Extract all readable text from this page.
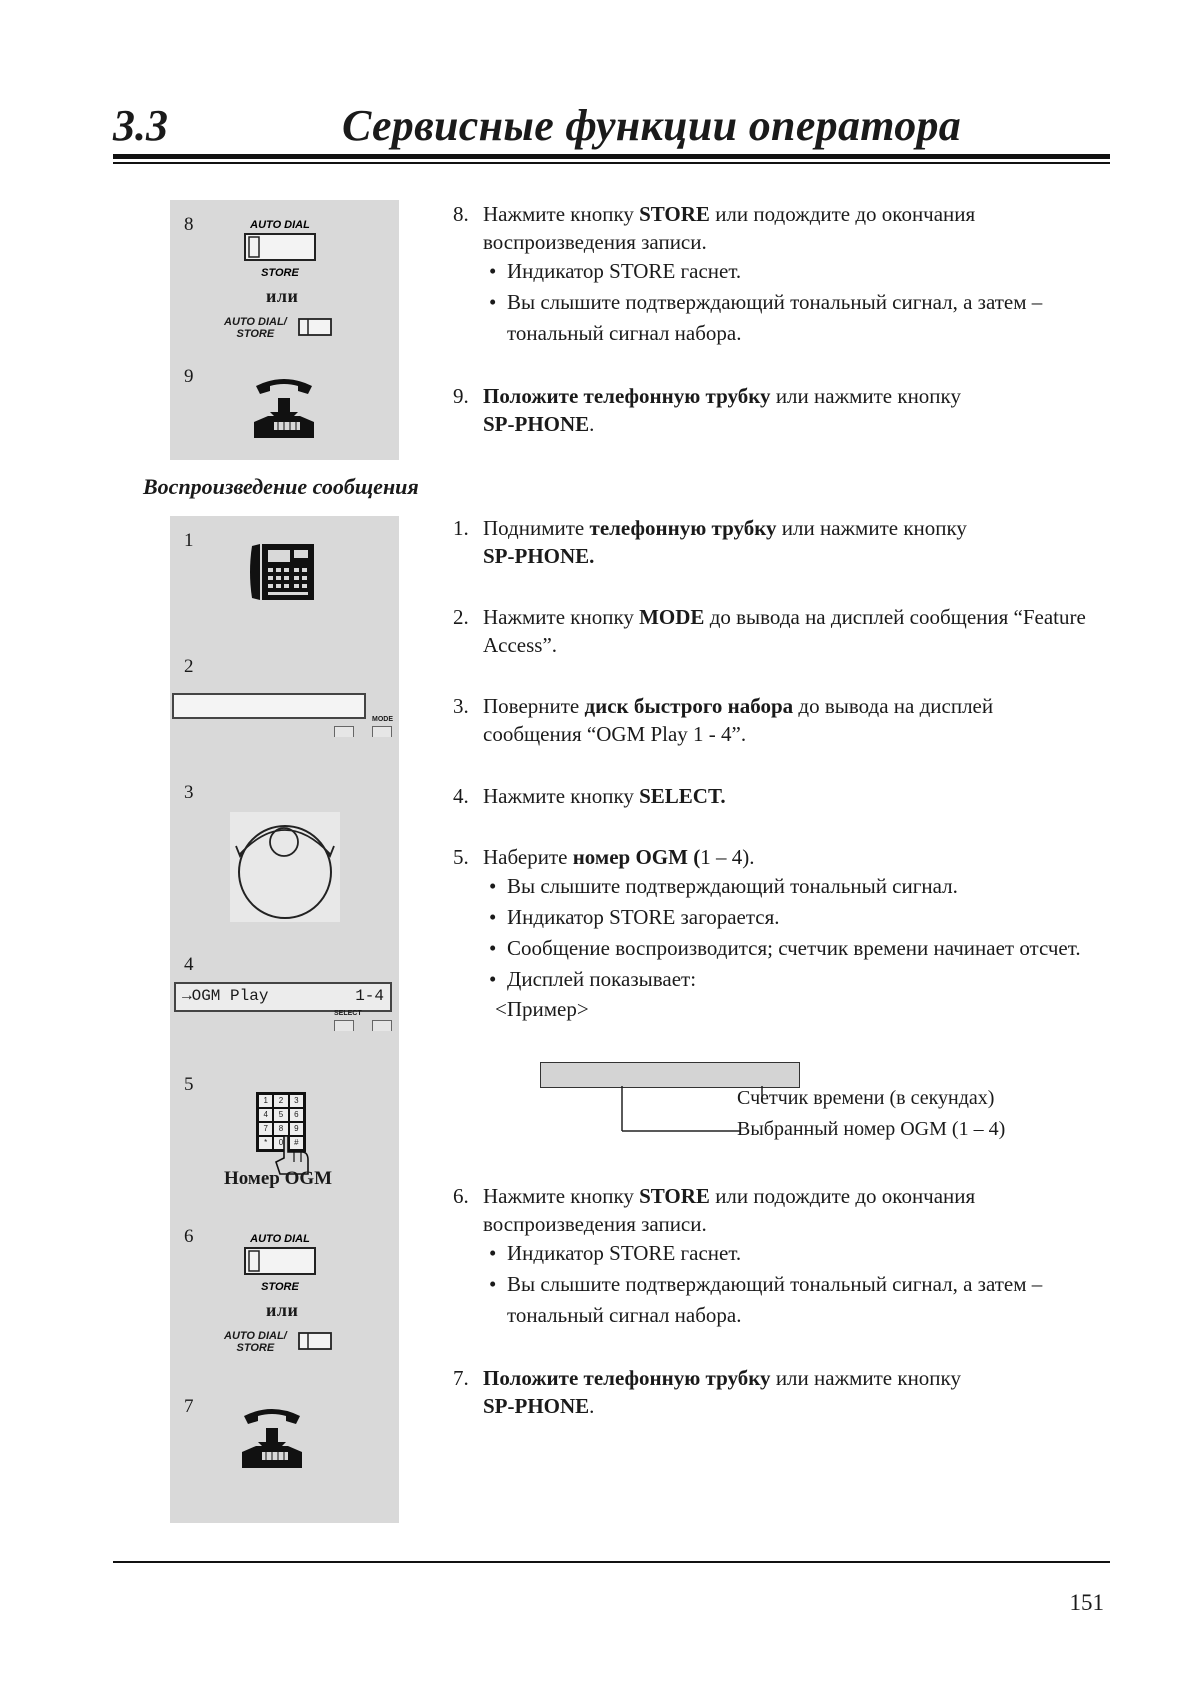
3.3	Сервисные функции оператора
8	AUTO DIAL
STORE
или
AUTO DIAL/
STORE
9
Воспроизведение сообщения
1
2
MODE
3
4
→OGM Play	1-4
SELECT
5
1	2	3
4	5	6
7	8	9
*	0	#
Номер OGM
6	AUTO DIAL
STORE
или
AUTO DIAL/
STORE
7
8. Нажмите кнопку STORE или подождите до окончания воспроизведения записи.
• Индикатор STORE гаснет.
• Вы слышите подтверждающий тональный сигнал, а затем – тональный сигнал набора.
9. Положите телефонную трубку или нажмите кнопку
SP-PHONE.
1. Поднимите телефонную трубку или нажмите кнопку
SP-PHONE.
2. Нажмите кнопку MODE до вывода на дисплей сообщения “Feature Access”.
3. Поверните диск быстрого набора до вывода на дисплей сообщения “OGM Play 1 - 4”.
4. Нажмите кнопку SELECT.
5. Наберите номер OGM (1 – 4).
• Вы слышите подтверждающий тональный сигнал.
• Индикатор STORE загорается.
• Сообщение воспроизводится; счетчик времени начинает отсчет.
• Дисплей показывает:
<Пример>
Счетчик времени (в секундах)
Выбранный номер OGM (1 – 4)
6. Нажмите кнопку STORE или подождите до окончания воспроизведения записи.
• Индикатор STORE гаснет.
• Вы слышите подтверждающий тональный сигнал, а затем – тональный сигнал набора.
7. Положите телефонную трубку или нажмите кнопку
SP-PHONE.
151
